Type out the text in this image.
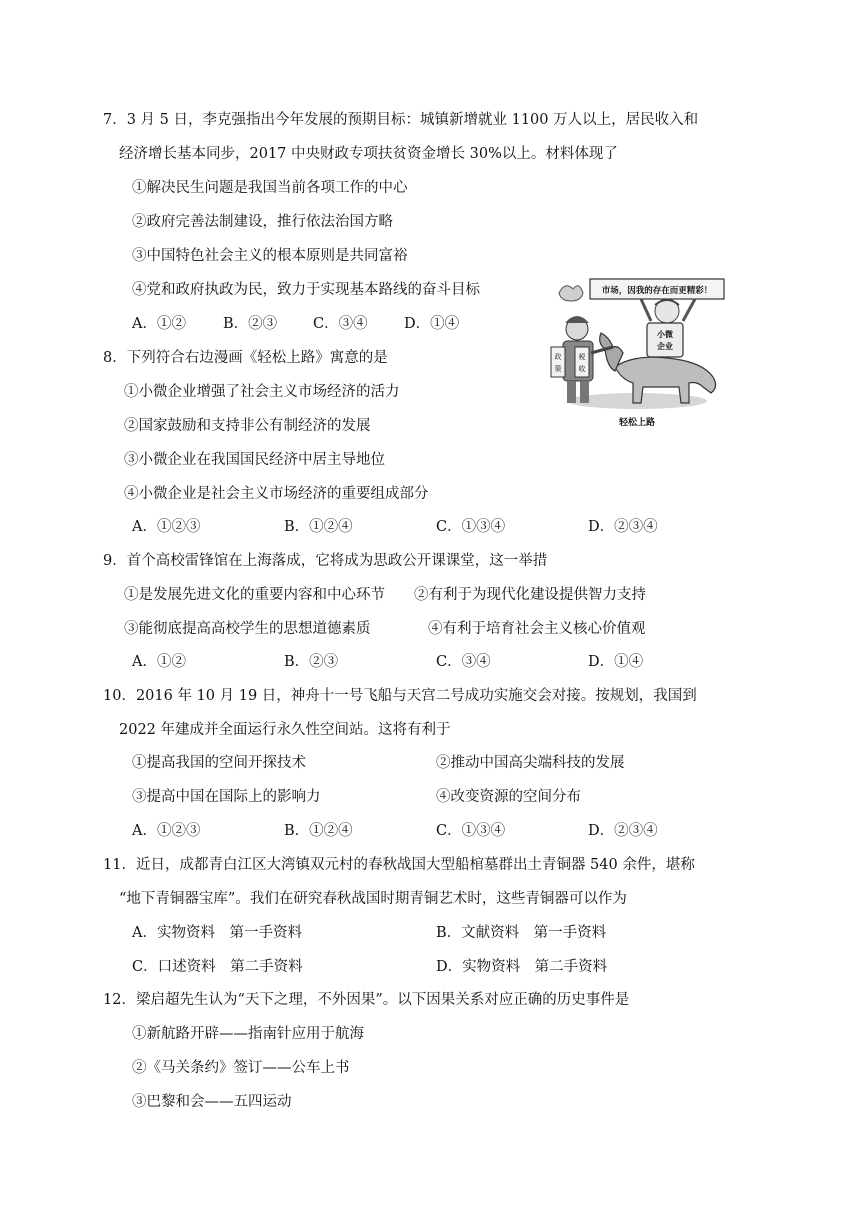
7．3 月 5 日，李克强指出今年发展的预期目标：城镇新增就业 1100 万人以上，居民收入和
经济增长基本同步，2017 中央财政专项扶贫资金增长 30%以上。材料体现了
①解决民生问题是我国当前各项工作的中心
②政府完善法制建设，推行依法治国方略
③中国特色社会主义的根本原则是共同富裕
④党和政府执政为民，致力于实现基本路线的奋斗目标
A．①②	B．②③ C．③④	D．①④
市场，因我的存在而更精彩！
小微
企业
政
策
税
收
轻松上路
8．下列符合右边漫画《轻松上路》寓意的是
①小微企业增强了社会主义市场经济的活力
②国家鼓励和支持非公有制经济的发展
③小微企业在我国国民经济中居主导地位
④小微企业是社会主义市场经济的重要组成部分
A．①②③	B．①②④	C．①③④	D．②③④
9．首个高校雷锋馆在上海落成，它将成为思政公开课课堂，这一举措
①是发展先进文化的重要内容和中心环节 ②有利于为现代化建设提供智力支持
③能彻底提高高校学生的思想道德素质	④有利于培育社会主义核心价值观
A．①②	B．②③	C．③④	D．①④
10．2016 年 10 月 19 日，神舟十一号飞船与天宫二号成功实施交会对接。按规划，我国到
2022 年建成并全面运行永久性空间站。这将有利于
①提高我国的空间开探技术	②推动中国高尖端科技的发展
③提高中国在国际上的影响力	④改变资源的空间分布
A．①②③	B．①②④	C．①③④	D．②③④
11．近日，成都青白江区大湾镇双元村的春秋战国大型船棺墓群出土青铜器 540 余件，堪称
“地下青铜器宝库”。我们在研究春秋战国时期青铜艺术时，这些青铜器可以作为
A．实物资料　第一手资料	B．文献资料　第一手资料
C．口述资料　第二手资料	D．实物资料　第二手资料
12．梁启超先生认为“天下之理，不外因果”。以下因果关系对应正确的历史事件是
①新航路开辟——指南针应用于航海
②《马关条约》签订——公车上书
③巴黎和会——五四运动
